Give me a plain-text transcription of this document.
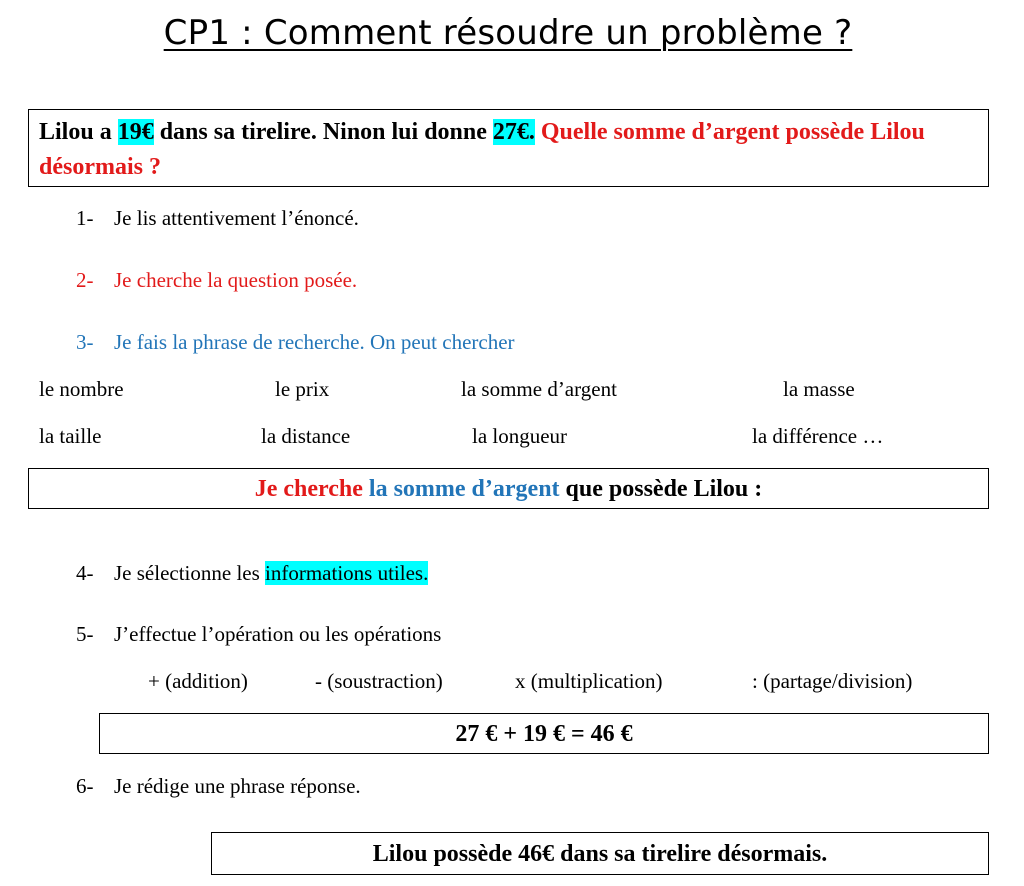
CP1 : Comment résoudre un problème ?
Lilou a 19€ dans sa tirelire. Ninon lui donne 27€. Quelle somme d’argent possède Lilou désormais ?
1- Je lis attentivement l’énoncé.
2- Je cherche la question posée.
3- Je fais la phrase de recherche. On peut chercher
le nombre	le prix	la somme d’argent	la masse
la taille	la distance	la longueur	la différence …
Je cherche la somme d’argent que possède Lilou :
4- Je sélectionne les informations utiles.
5- J’effectue l’opération ou les opérations
+ (addition)	- (soustraction)	x (multiplication)	: (partage/division)
27 € + 19 € = 46 €
6- Je rédige une phrase réponse.
Lilou possède 46€ dans sa tirelire désormais.
